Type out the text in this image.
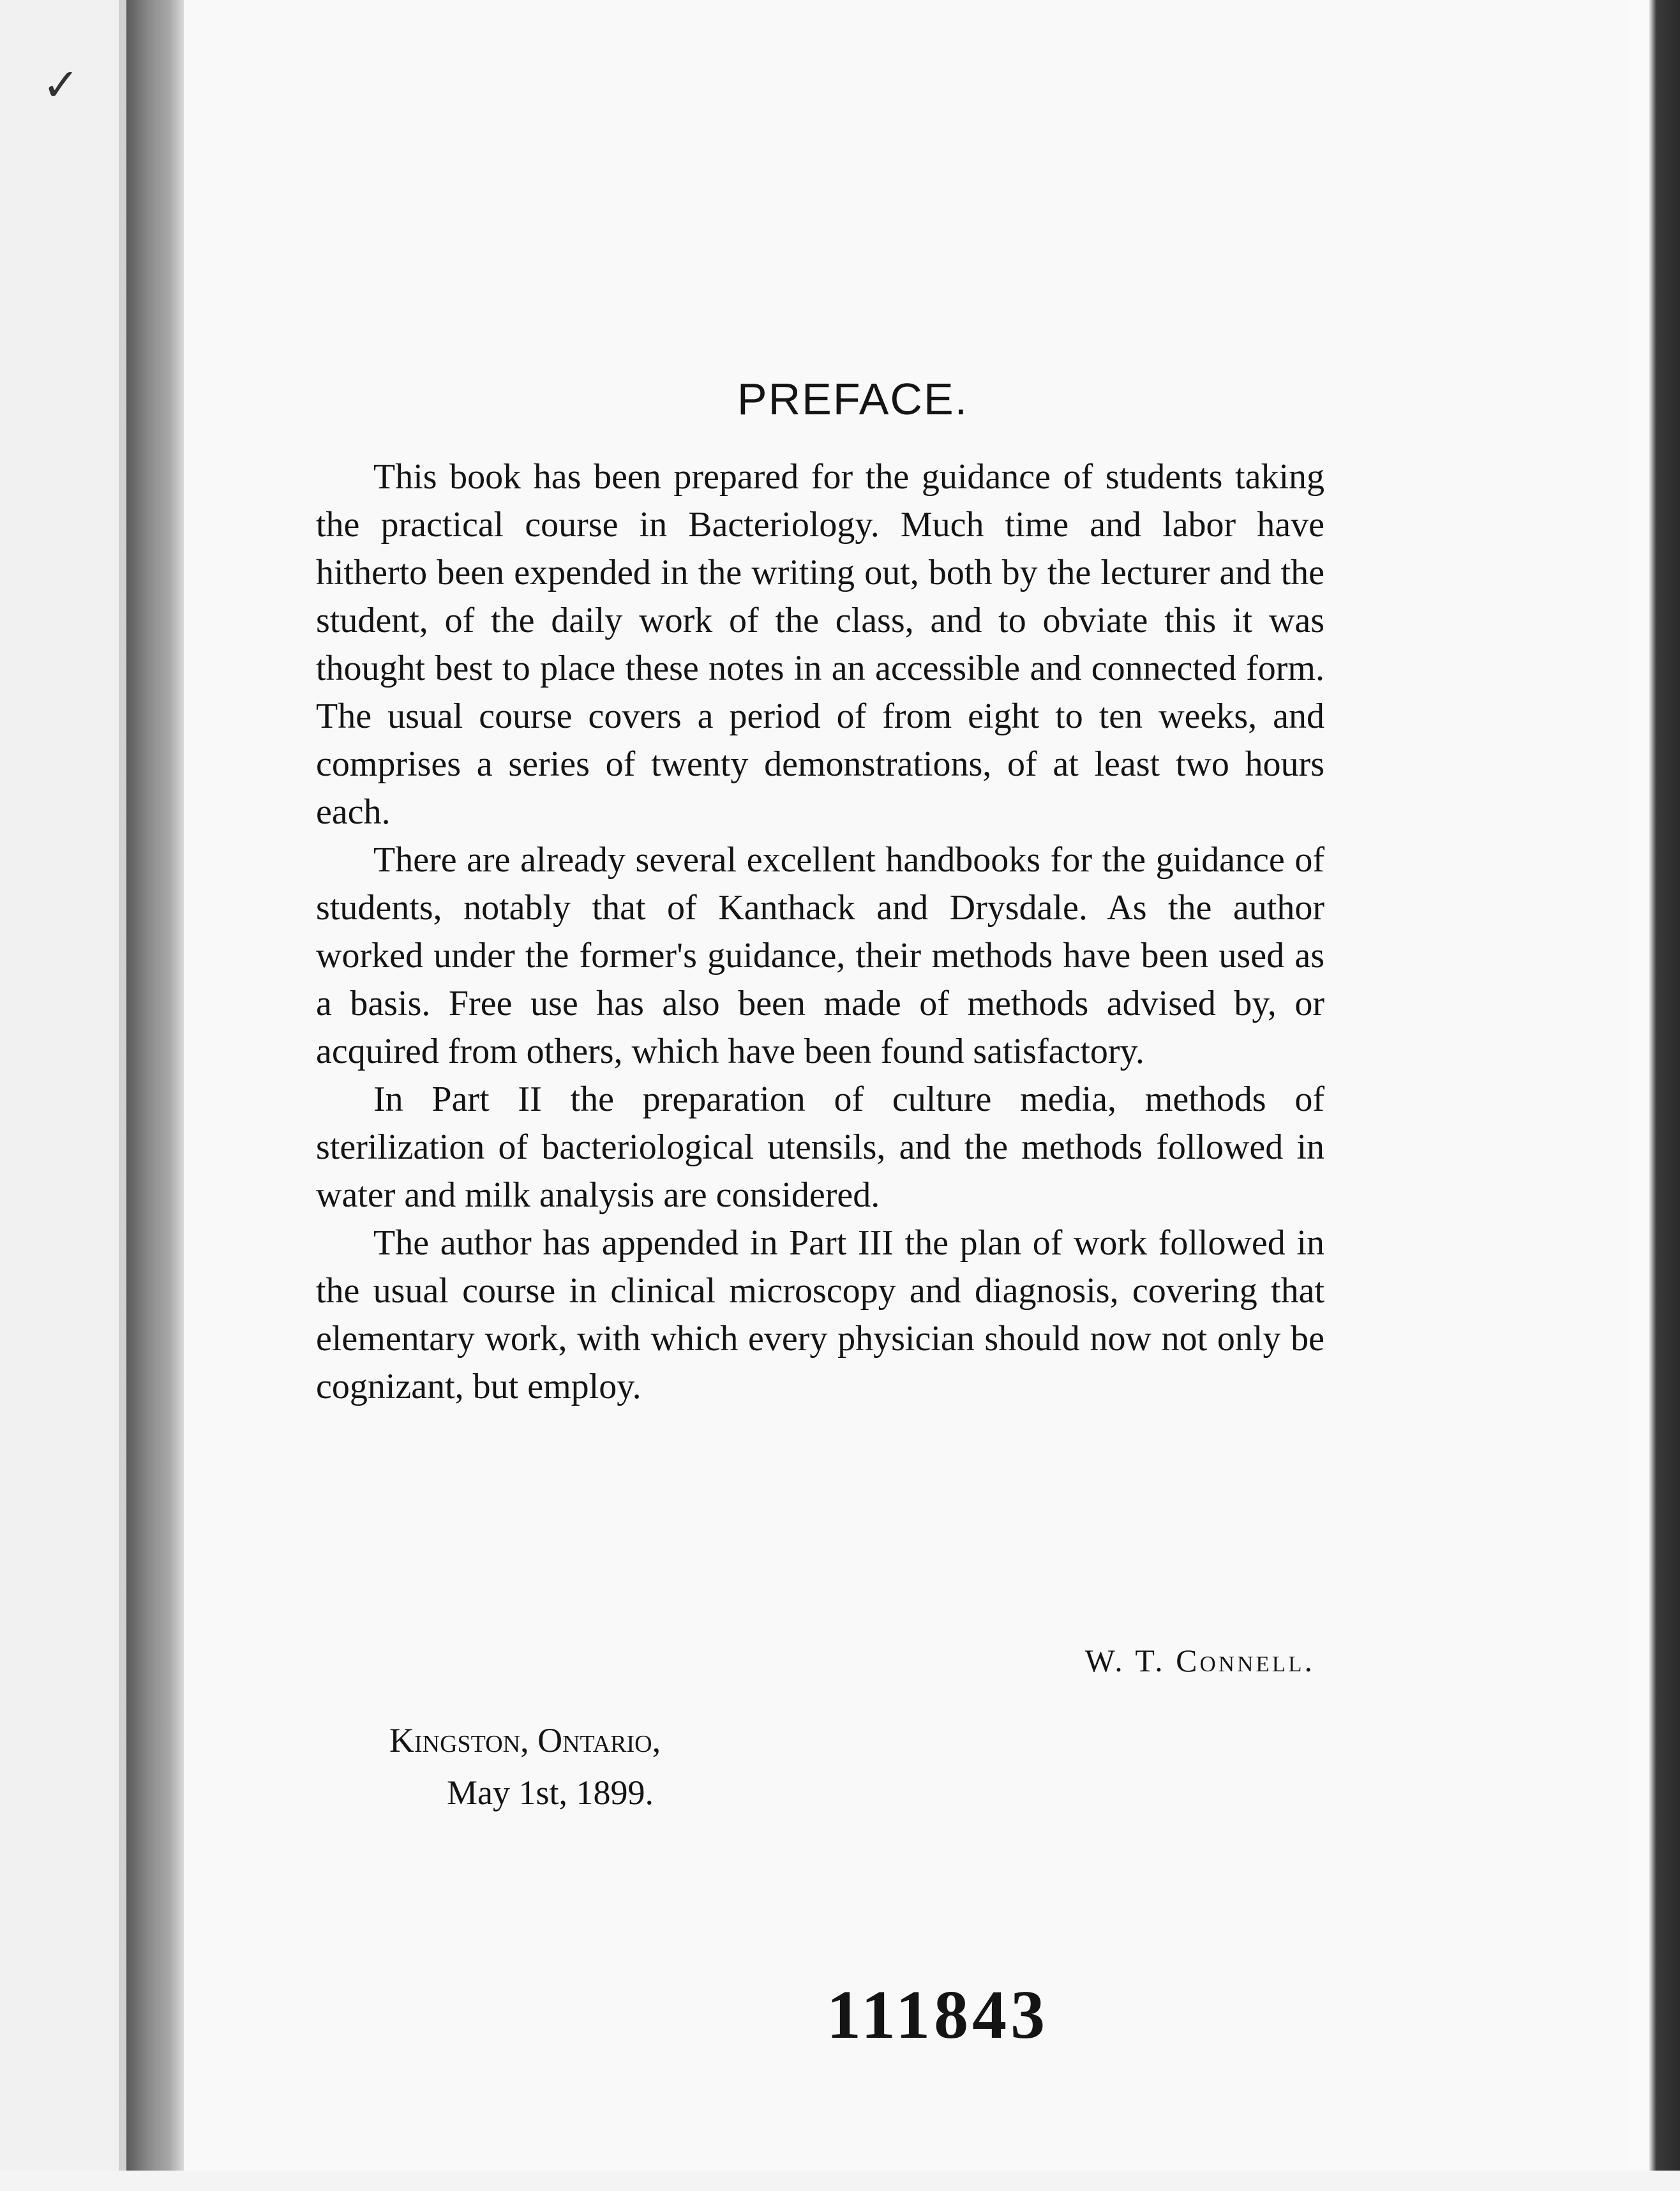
✓
PREFACE.

This book has been prepared for the guidance of students taking the practical course in Bacteriology. Much time and labor have hitherto been expended in the writing out, both by the lecturer and the student, of the daily work of the class, and to obviate this it was thought best to place these notes in an accessible and connected form. The usual course covers a period of from eight to ten weeks, and comprises a series of twenty demonstrations, of at least two hours each.

There are already several excellent handbooks for the guidance of students, notably that of Kanthack and Drysdale. As the author worked under the former's guidance, their methods have been used as a basis. Free use has also been made of methods advised by, or acquired from others, which have been found satisfactory.

In Part II the preparation of culture media, methods of sterilization of bacteriological utensils, and the methods followed in water and milk analysis are considered.

The author has appended in Part III the plan of work followed in the usual course in clinical microscopy and diagnosis, covering that elementary work, with which every physician should now not only be cognizant, but employ.

W. T. Connell.
Kingston, Ontario,
May 1st, 1899.
111843
